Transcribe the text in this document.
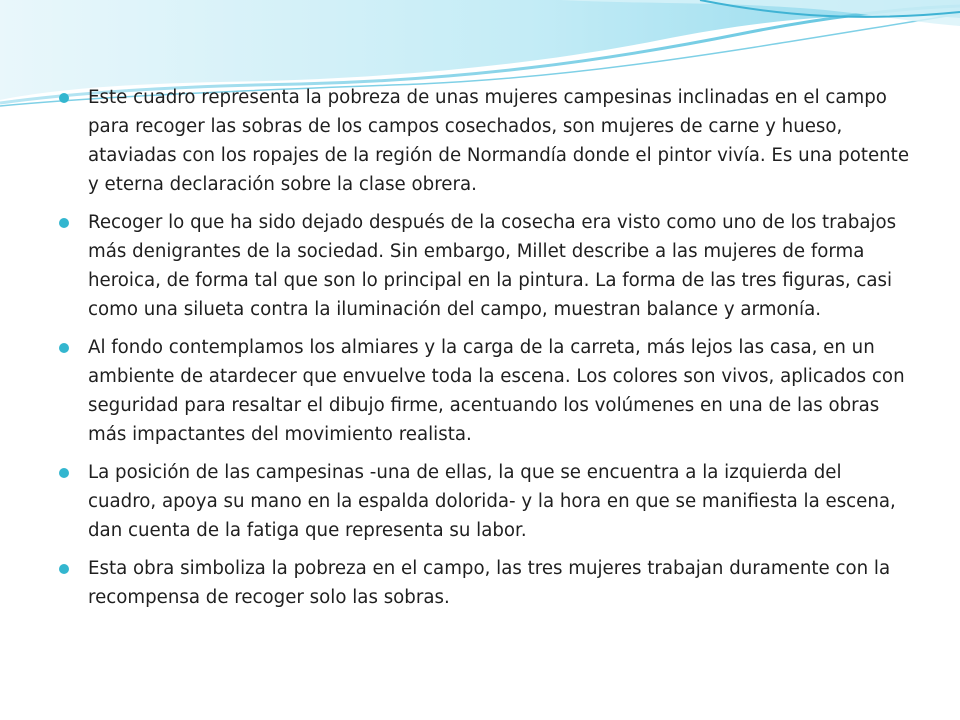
Este cuadro representa la pobreza de unas mujeres campesinas inclinadas en el campo para recoger las sobras de los campos cosechados, son mujeres de carne y hueso, ataviadas con los ropajes de la región de Normandía donde el pintor vivía. Es una potente y eterna declaración sobre la clase obrera.
Recoger lo que ha sido dejado después de la cosecha era visto como uno de los trabajos más denigrantes de la sociedad. Sin embargo, Millet describe a las mujeres de forma heroica, de forma tal que son lo principal en la pintura. La forma de las tres figuras, casi como una silueta contra la iluminación del campo, muestran balance y armonía.
Al fondo contemplamos los almiares y la carga de la carreta, más lejos las casa, en un ambiente de atardecer que envuelve toda la escena. Los colores son vivos, aplicados con seguridad para resaltar el dibujo firme, acentuando los volúmenes en una de las obras más impactantes del movimiento realista.
La posición de las campesinas -una de ellas, la que se encuentra a la izquierda del cuadro, apoya su mano en la espalda dolorida- y la hora en que se manifiesta la escena, dan cuenta de la fatiga que representa su labor.
Esta obra simboliza la pobreza en el campo, las tres mujeres trabajan duramente con la recompensa de recoger solo las sobras.
